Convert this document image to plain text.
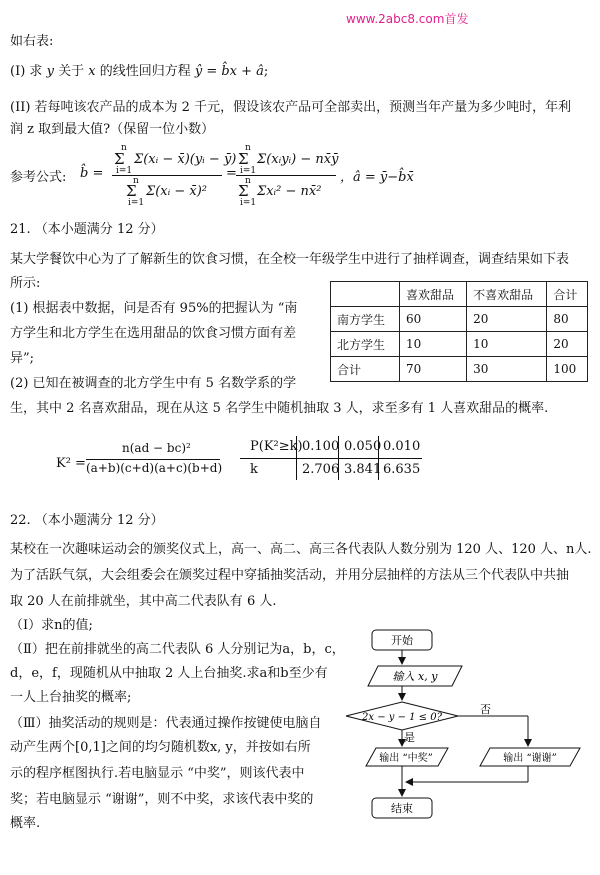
www.2abc8.com首发
如右表:
(I) 求 y 关于 x 的线性回归方程 ŷ = b̂x + â;
(II) 若每吨该农产品的成本为 2 千元，假设该农产品可全部卖出，预测当年产量为多少吨时，年利
润 z 取到最大值?（保留一位小数）
参考公式: b̂ =
n
Σ
i=1
Σ(xᵢ − x̄)(yᵢ − ȳ)
n
Σ
i=1
Σ(xᵢ − x̄)²
=
n
Σ
i=1
Σ(xᵢyᵢ) − nx̄ȳ
n
Σ
i=1
Σxᵢ² − nx̄²
，â = ȳ−b̂x̄
21. （本小题满分 12 分）
某大学餐饮中心为了了解新生的饮食习惯，在全校一年级学生中进行了抽样调查，调查结果如下表
所示:
(1) 根据表中数据，问是否有 95%的把握认为 “南
方学生和北方学生在选用甜品的饮食习惯方面有差
异”;
(2) 已知在被调查的北方学生中有 5 名数学系的学
生，其中 2 名喜欢甜品，现在从这 5 名学生中随机抽取 3 人，求至多有 1 人喜欢甜品的概率.
	喜欢甜品	不喜欢甜品	合计
南方学生	60	20	80
北方学生	10	10	20
合计	70	30	100
K² =
n(ad − bc)²
(a+b)(c+d)(a+c)(b+d)
P(K²≥k) 0.100 0.050 0.010
k	2.706 3.841 6.635
22. （本小题满分 12 分）
某校在一次趣味运动会的颁奖仪式上，高一、高二、高三各代表队人数分别为 120 人、120 人、n人.
为了活跃气氛，大会组委会在颁奖过程中穿插抽奖活动，并用分层抽样的方法从三个代表队中共抽
取 20 人在前排就坐，其中高二代表队有 6 人.
（Ⅰ）求n的值;
（Ⅱ）把在前排就坐的高二代表队 6 人分别记为a，b，c，
d，e，f，现随机从中抽取 2 人上台抽奖.求a和b至少有
一人上台抽奖的概率;
（Ⅲ）抽奖活动的规则是：代表通过操作按键使电脑自
动产生两个[0,1]之间的均匀随机数x, y，并按如右所
示的程序框图执行.若电脑显示 “中奖”，则该代表中
奖；若电脑显示 “谢谢”，则不中奖，求该代表中奖的
概率.
开始
输入 x, y
2x − y − 1 ≤ 0?
否
是
输出 “中奖”	输出 “谢谢”
结束
